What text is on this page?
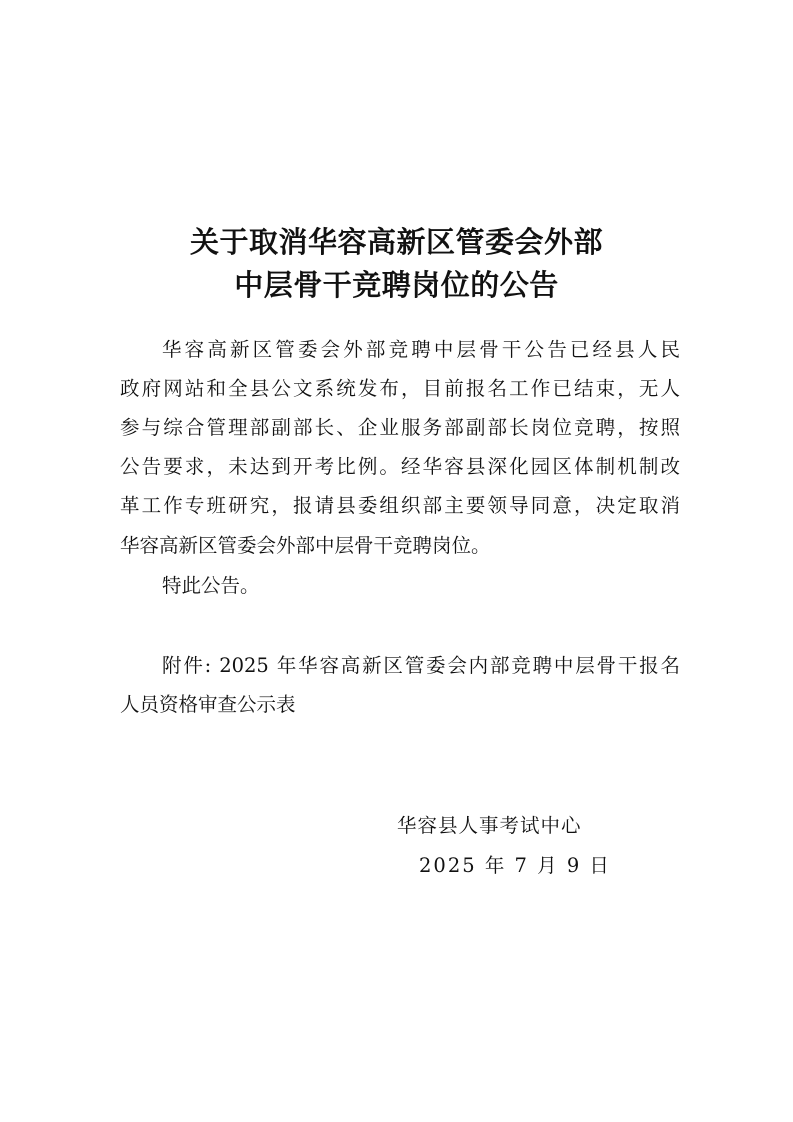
关于取消华容高新区管委会外部
中层骨干竞聘岗位的公告
华容高新区管委会外部竞聘中层骨干公告已经县人民
政府网站和全县公文系统发布，目前报名工作已结束，无人
参与综合管理部副部长、企业服务部副部长岗位竞聘，按照
公告要求，未达到开考比例。经华容县深化园区体制机制改
革工作专班研究，报请县委组织部主要领导同意，决定取消
华容高新区管委会外部中层骨干竞聘岗位。
特此公告。
附件: 2025 年华容高新区管委会内部竞聘中层骨干报名
人员资格审查公示表
华容县人事考试中心
2025 年 7 月 9 日
